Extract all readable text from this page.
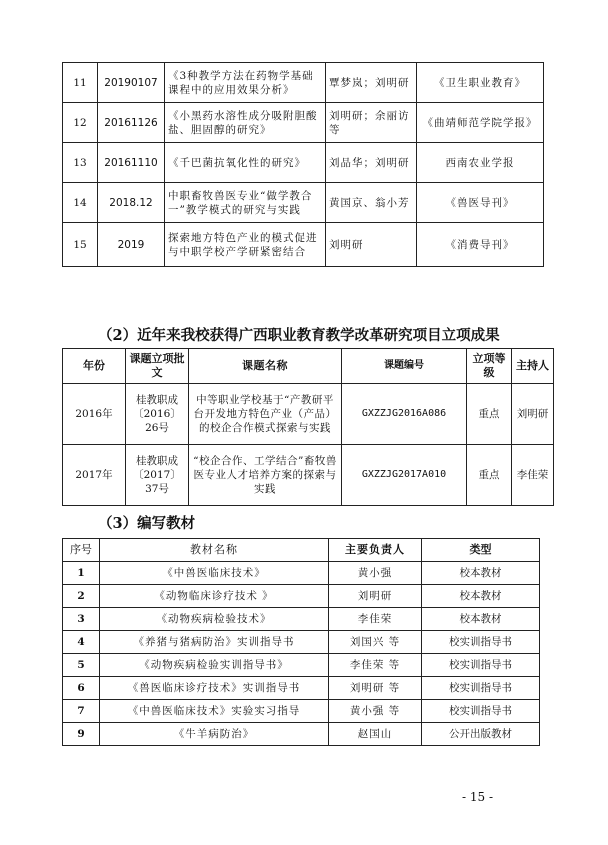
11	20190107	《3种教学方法在药物学基础课程中的应用效果分析》	覃梦岚；刘明研	《卫生职业教育》
12	20161126	《小黑药水溶性成分吸附胆酸盐、胆固醇的研究》	刘明研；余丽访等	《曲靖师范学院学报》
13	20161110	《千巴菌抗氧化性的研究》	刘品华；刘明研	西南农业学报
14	2018.12	中职畜牧兽医专业“做学教合一”教学模式的研究与实践	黄国京、翁小芳	《兽医导刊》
15	2019	探索地方特色产业的模式促进与中职学校产学研紧密结合	刘明研	《消费导刊》
（2）近年来我校获得广西职业教育教学改革研究项目立项成果
年份	课题立项批文	课题名称	课题编号	立项等级	主持人
2016年	桂教职成〔2016〕26号	中等职业学校基于“产教研平台开发地方特色产业（产品）的校企合作模式探索与实践	GXZZJG2016A086	重点	刘明研
2017年	桂教职成〔2017〕37号	“校企合作、工学结合”畜牧兽医专业人才培养方案的探索与实践	GXZZJG2017A010	重点	李佳荣
（3）编写教材
序号	教材名称	主要负责人	类型
1	《中兽医临床技术》	黄小强	校本教材
2	《动物临床诊疗技术 》	刘明研	校本教材
3	《动物疾病检验技术》	李佳荣	校本教材
4	《养猪与猪病防治》实训指导书	刘国兴 等	校实训指导书
5	《动物疾病检验实训指导书》	李佳荣 等	校实训指导书
6	《兽医临床诊疗技术》实训指导书	刘明研 等	校实训指导书
7	《中兽医临床技术》实验实习指导	黄小强 等	校实训指导书
9	《牛羊病防治》	赵国山	公开出版教材
- 15 -
